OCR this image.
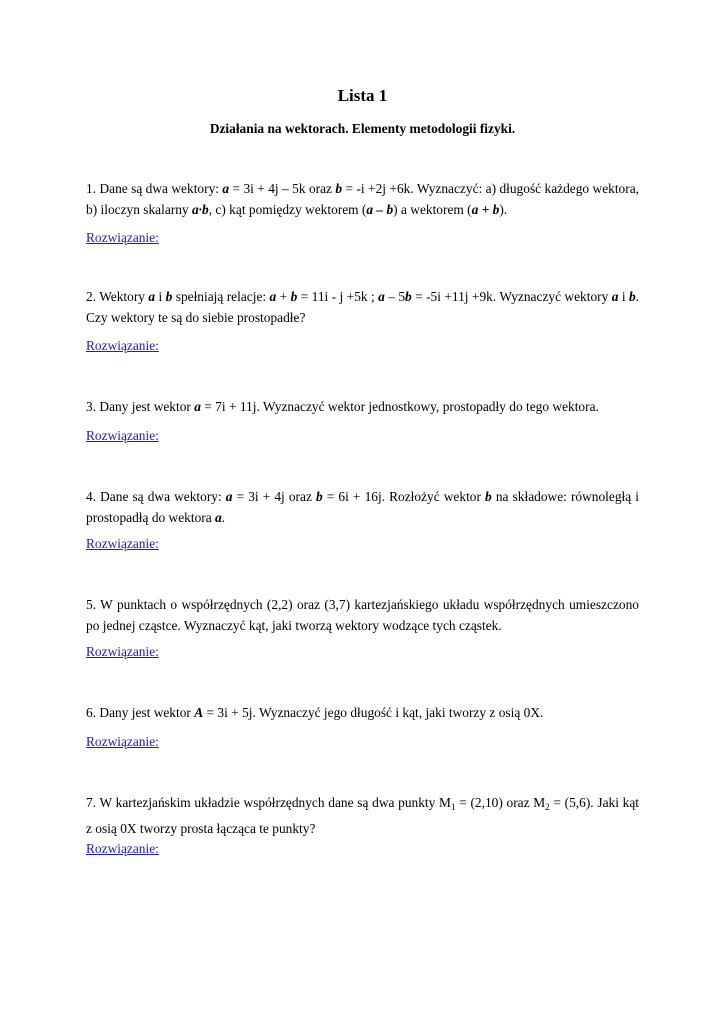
Lista 1
Działania na wektorach. Elementy metodologii fizyki.

1. Dane są dwa wektory: a = 3i + 4j – 5k oraz b = -i +2j +6k. Wyznaczyć: a) długość każdego wektora, b) iloczyn skalarny a·b, c) kąt pomiędzy wektorem (a – b) a wektorem (a + b).

Rozwiązanie:

2. Wektory a i b spełniają relacje: a + b = 11i - j +5k ; a – 5b = -5i +11j +9k. Wyznaczyć wektory a i b. Czy wektory te są do siebie prostopadłe?

Rozwiązanie:

3. Dany jest wektor a = 7i + 11j. Wyznaczyć wektor jednostkowy, prostopadły do tego wektora.

Rozwiązanie:

4. Dane są dwa wektory: a = 3i + 4j oraz b = 6i + 16j. Rozłożyć wektor b na składowe: równoległą i prostopadłą do wektora a.

Rozwiązanie:

5. W punktach o współrzędnych (2,2) oraz (3,7) kartezjańskiego układu współrzędnych umieszczono po jednej cząstce. Wyznaczyć kąt, jaki tworzą wektory wodzące tych cząstek.

Rozwiązanie:

6. Dany jest wektor A = 3i + 5j. Wyznaczyć jego długość i kąt, jaki tworzy z osią 0X.

Rozwiązanie:

7. W kartezjańskim układzie współrzędnych dane są dwa punkty $M_1 = (2,10)$ oraz $M_2 = (5,6)$. Jaki kąt z osią 0X tworzy prosta łącząca te punkty?

Rozwiązanie:
